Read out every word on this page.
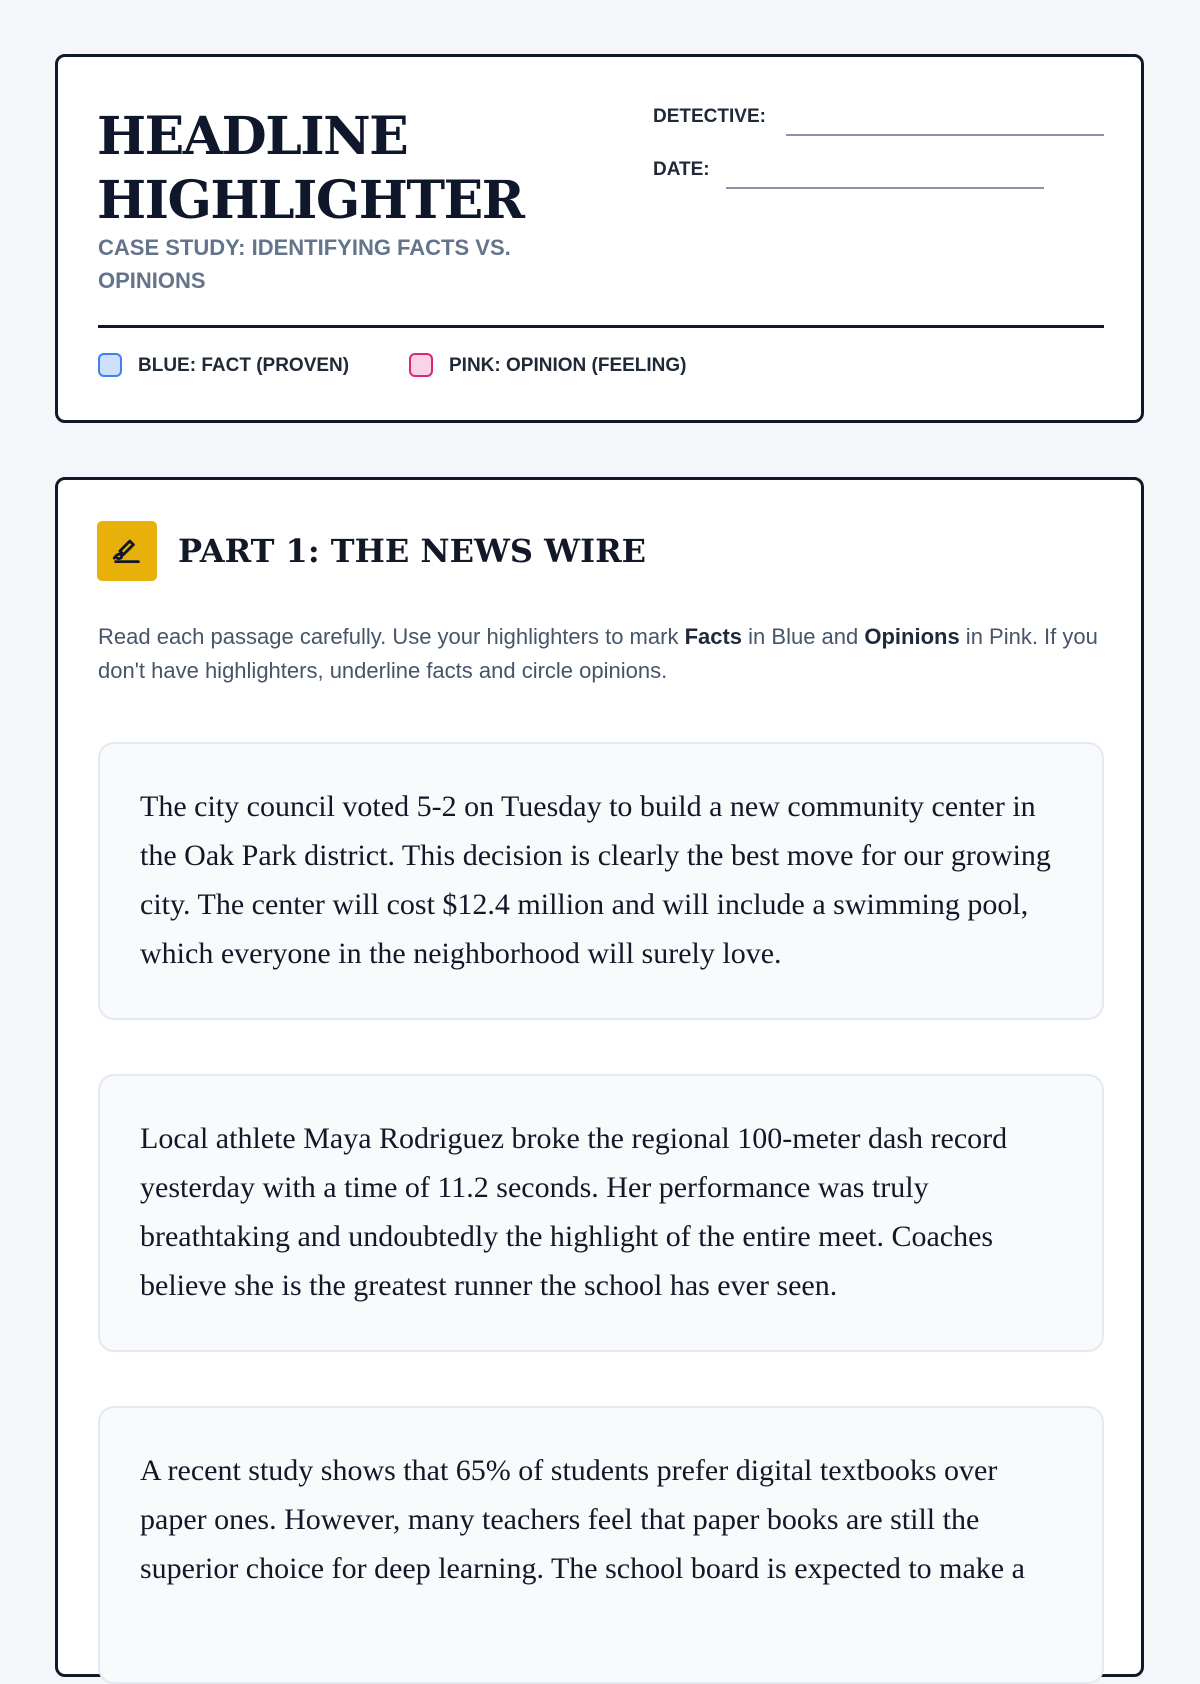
HEADLINE
HIGHLIGHTER

CASE STUDY: IDENTIFYING FACTS VS. OPINIONS

DETECTIVE:
DATE:
BLUE: FACT (PROVEN)	PINK: OPINION (FEELING)
PART 1: THE NEWS WIRE

Read each passage carefully. Use your highlighters to mark Facts in Blue and Opinions in Pink. If you don't have highlighters, underline facts and circle opinions.

The city council voted 5-2 on Tuesday to build a new community center in the Oak Park district. This decision is clearly the best move for our growing city. The center will cost $12.4 million and will include a swimming pool, which everyone in the neighborhood will surely love.

Local athlete Maya Rodriguez broke the regional 100-meter dash record yesterday with a time of 11.2 seconds. Her performance was truly breathtaking and undoubtedly the highlight of the entire meet. Coaches believe she is the greatest runner the school has ever seen.

A recent study shows that 65% of students prefer digital textbooks over paper ones. However, many teachers feel that paper books are still the superior choice for deep learning. The school board is expected to make a
